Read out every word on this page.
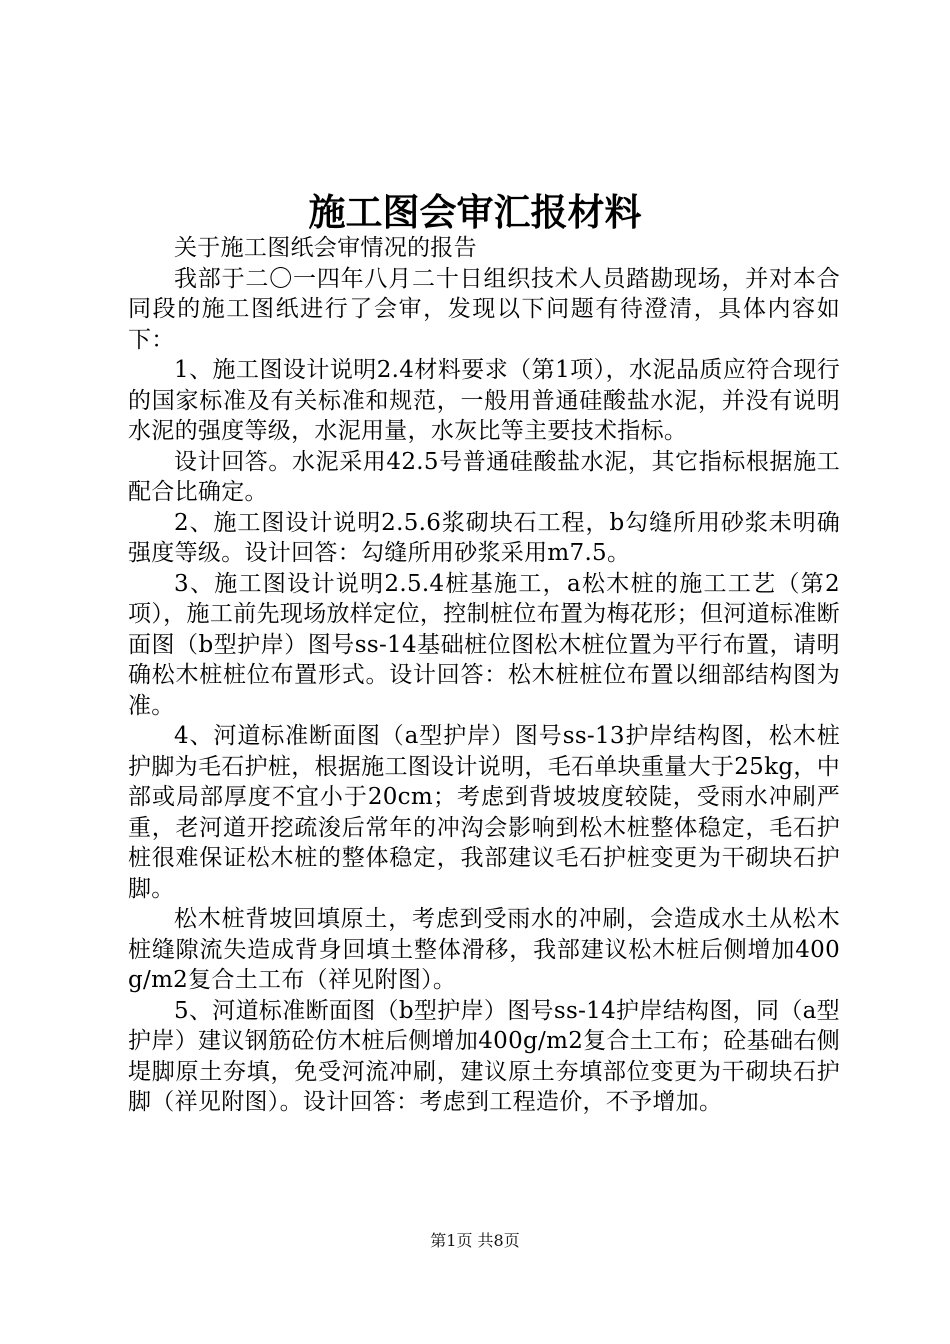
施工图会审汇报材料

关于施工图纸会审情况的报告

我部于二〇一四年八月二十日组织技术人员踏勘现场，并对本合同段的施工图纸进行了会审，发现以下问题有待澄清，具体内容如下：

1、施工图设计说明2.4材料要求（第1项），水泥品质应符合现行的国家标准及有关标准和规范，一般用普通硅酸盐水泥，并没有说明水泥的强度等级，水泥用量，水灰比等主要技术指标。

设计回答。水泥采用42.5号普通硅酸盐水泥，其它指标根据施工配合比确定。

2、施工图设计说明2.5.6浆砌块石工程，b勾缝所用砂浆未明确强度等级。设计回答：勾缝所用砂浆采用m7.5。

3、施工图设计说明2.5.4桩基施工，a松木桩的施工工艺（第2项），施工前先现场放样定位，控制桩位布置为梅花形；但河道标准断面图（b型护岸）图号ss-14基础桩位图松木桩位置为平行布置，请明确松木桩桩位布置形式。设计回答：松木桩桩位布置以细部结构图为准。

4、河道标准断面图（a型护岸）图号ss-13护岸结构图，松木桩护脚为毛石护桩，根据施工图设计说明，毛石单块重量大于25kg，中部或局部厚度不宜小于20cm；考虑到背坡坡度较陡，受雨水冲刷严重，老河道开挖疏浚后常年的冲沟会影响到松木桩整体稳定，毛石护桩很难保证松木桩的整体稳定，我部建议毛石护桩变更为干砌块石护脚。

松木桩背坡回填原土，考虑到受雨水的冲刷，会造成水土从松木桩缝隙流失造成背身回填土整体滑移，我部建议松木桩后侧增加400g/m2复合土工布（祥见附图）。

5、河道标准断面图（b型护岸）图号ss-14护岸结构图，同（a型护岸）建议钢筋砼仿木桩后侧增加400g/m2复合土工布；砼基础右侧堤脚原土夯填，免受河流冲刷，建议原土夯填部位变更为干砌块石护脚（祥见附图）。设计回答：考虑到工程造价，不予增加。

第1页 共8页
